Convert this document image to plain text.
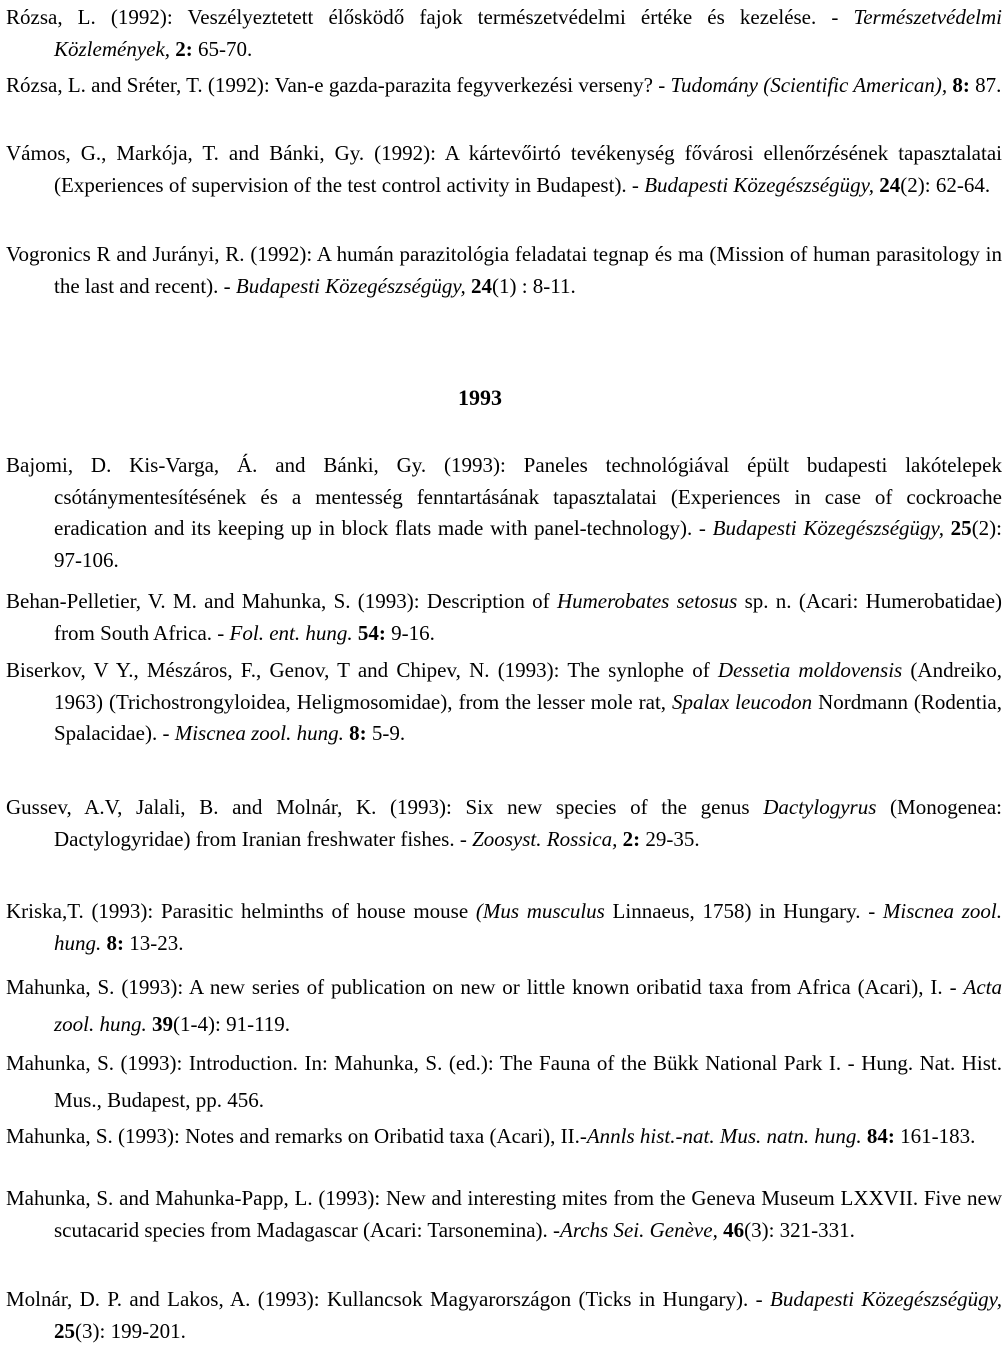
Rózsa, L. (1992): Veszélyeztetett élősködő fajok természetvédelmi értéke és kezelése. - Természetvédelmi Közlemények, 2: 65-70.
Rózsa, L. and Sréter, T. (1992): Van-e gazda-parazita fegyverkezési verseny? - Tudomány (Scientific American), 8: 87.
Vámos, G., Markója, T. and Bánki, Gy. (1992): A kártevőirtó tevékenység fővárosi ellenőrzésének tapasztalatai (Experiences of supervision of the test control activity in Budapest). - Budapesti Közegészségügy, 24(2): 62-64.
Vogronics R and Jurányi, R. (1992): A humán parazitológia feladatai tegnap és ma (Mission of human parasitology in the last and recent). - Budapesti Közegészségügy, 24(1) : 8-11.
1993
Bajomi, D. Kis-Varga, Á. and Bánki, Gy. (1993): Paneles technológiával épült budapesti lakótelepek csótánymentesítésének és a mentesség fenntartásának tapasztalatai (Experiences in case of cockroache eradication and its keeping up in block flats made with panel-technology). - Budapesti Közegészségügy, 25(2): 97-106.
Behan-Pelletier, V. M. and Mahunka, S. (1993): Description of Humerobates setosus sp. n. (Acari: Humerobatidae) from South Africa. - Fol. ent. hung. 54: 9-16.
Biserkov, V Y., Mészáros, F., Genov, T and Chipev, N. (1993): The synlophe of Dessetia moldovensis (Andreiko, 1963) (Trichostrongyloidea, Heligmosomidae), from the lesser mole rat, Spalax leucodon Nordmann (Rodentia, Spalacidae). - Miscnea zool. hung. 8: 5-9.
Gussev, A.V, Jalali, B. and Molnár, K. (1993): Six new species of the genus Dactylogyrus (Monogenea: Dactylogyridae) from Iranian freshwater fishes. - Zoosyst. Rossica, 2: 29-35.
Kriska,T. (1993): Parasitic helminths of house mouse (Mus musculus Linnaeus, 1758) in Hungary. - Miscnea zool. hung. 8: 13-23.
Mahunka, S. (1993): A new series of publication on new or little known oribatid taxa from Africa (Acari), I. - Acta zool. hung. 39(1-4): 91-119.
Mahunka, S. (1993): Introduction. In: Mahunka, S. (ed.): The Fauna of the Bükk National Park I. - Hung. Nat. Hist. Mus., Budapest, pp. 456.
Mahunka, S. (1993): Notes and remarks on Oribatid taxa (Acari), II.-Annls hist.-nat. Mus. natn. hung. 84: 161-183.
Mahunka, S. and Mahunka-Papp, L. (1993): New and interesting mites from the Geneva Museum LXXVII. Five new scutacarid species from Madagascar (Acari: Tarsonemina). -Archs Sei. Genève, 46(3): 321-331.
Molnár, D. P. and Lakos, A. (1993): Kullancsok Magyarországon (Ticks in Hungary). - Budapesti Közegészségügy, 25(3): 199-201.
